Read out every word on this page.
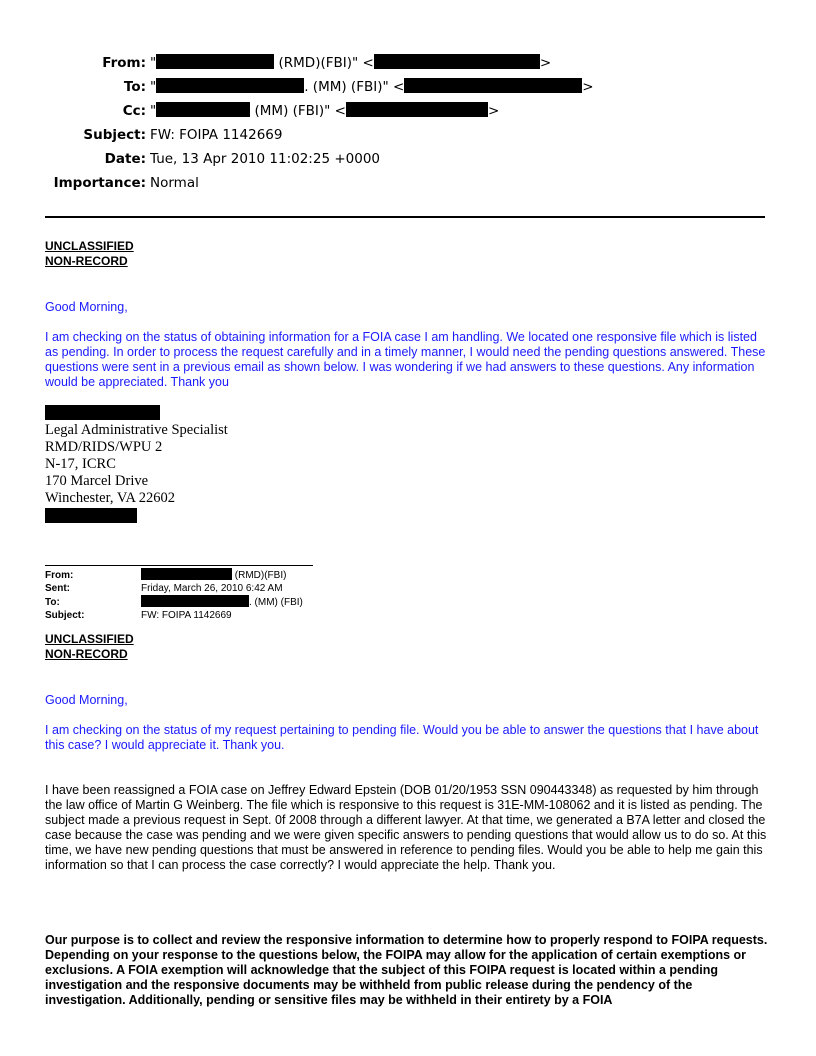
From: "	(RMD)(FBI)" <	>
To: "	. (MM) (FBI)" <	>
Cc: "	(MM) (FBI)" <	>
Subject: FW: FOIPA 1142669
Date: Tue, 13 Apr 2010 11:02:25 +0000
Importance: Normal
UNCLASSIFIED
NON-RECORD
Good Morning,
I am checking on the status of obtaining information for a FOIA case I am handling. We located one responsive file which is listed as pending. In order to process the request carefully and in a timely manner, I would need the pending questions answered. These questions were sent in a previous email as shown below. I was wondering if we had answers to these questions. Any information would be appreciated. Thank you
Legal Administrative Specialist
RMD/RIDS/WPU 2
N-17, ICRC
170 Marcel Drive
Winchester, VA 22602
From:	(RMD)(FBI)
Sent:	Friday, March 26, 2010 6:42 AM
To:	. (MM) (FBI)
Subject:	FW: FOIPA 1142669
UNCLASSIFIED
NON-RECORD
Good Morning,
I am checking on the status of my request pertaining to pending file. Would you be able to answer the questions that I have about this case? I would appreciate it. Thank you.
I have been reassigned a FOIA case on Jeffrey Edward Epstein (DOB 01/20/1953 SSN 090443348) as requested by him through the law office of Martin G Weinberg. The file which is responsive to this request is 31E-MM-108062 and it is listed as pending. The subject made a previous request in Sept. 0f 2008 through a different lawyer. At that time, we generated a B7A letter and closed the case because the case was pending and we were given specific answers to pending questions that would allow us to do so. At this time, we have new pending questions that must be answered in reference to pending files. Would you be able to help me gain this information so that I can process the case correctly? I would appreciate the help. Thank you.
Our purpose is to collect and review the responsive information to determine how to properly respond to FOIPA requests. Depending on your response to the questions below, the FOIPA may allow for the application of certain exemptions or exclusions. A FOIA exemption will acknowledge that the subject of this FOIPA request is located within a pending investigation and the responsive documents may be withheld from public release during the pendency of the investigation. Additionally, pending or sensitive files may be withheld in their entirety by a FOIA
